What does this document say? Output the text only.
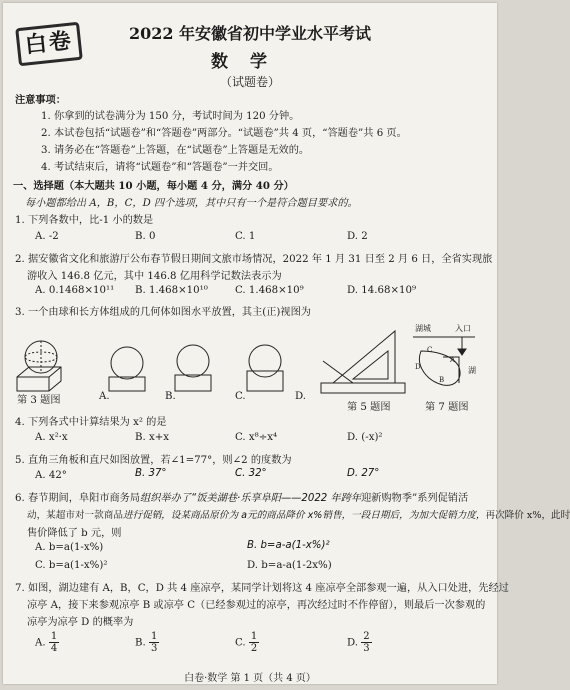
白卷	2022 年安徽省初中学业水平考试
数学
（试题卷）
注意事项：
1. 你拿到的试卷满分为 150 分，考试时间为 120 分钟。
2. 本试卷包括“试题卷”和“答题卷”两部分。“试题卷”共 4 页，“答题卷”共 6 页。
3. 请务必在“答题卷”上答题，在“试题卷”上答题是无效的。
4. 考试结束后，请将“试题卷”和“答题卷”一并交回。
一、选择题（本大题共 10 小题，每小题 4 分，满分 40 分）
每小题都给出 A，B，C，D 四个选项，其中只有一个是符合题目要求的。
1. 下列各数中，比-1 小的数是
A. -2	B. 0	C. 1	D. 2
2. 据安徽省文化和旅游厅公布春节假日期间文旅市场情况，2022 年 1 月 31 日至 2 月 6 日，全省实现旅
游收入 146.8 亿元，其中 146.8 亿用科学记数法表示为
A. 0.1468×10¹¹ B. 1.468×10¹⁰	C. 1.468×10⁹	D. 14.68×10⁹
3. 一个由球和长方体组成的几何体如图水平放置，其主(正)视图为
湖城	入口
湖
A
C
B
D
A.	B.	C.	D.
第 3 题图
第 5 题图	第 7 题图
4. 下列各式中计算结果为 x² 的是
A. x²·x	B. x+x	C. x⁸÷x⁴	D. (-x)²
5. 直角三角板和直尺如图放置，若∠1=77°，则∠2 的度数为
A. 42°	B. 37°	C. 32°	D. 27°
6. 春节期间，阜阳市商务局组织举办了“饭美湖巷·乐享阜阳——2022 年跨年迎新购物季”系列促销活
动，某超市对一款商品进行促销，设某商品原价为 a元的商品降价 x%销售，一段日期后，为加大促销力度，再次降价 x%，此时
售价降低了 b 元，则
A. b=a(1-x%)	B. b=a-a(1-x%)²
C. b=a(1-x%)²	D. b=a-a(1-2x%)
7. 如图，湖边建有 A，B，C，D 共 4 座凉亭，某同学计划将这 4 座凉亭全部参观一遍，从入口处进，先经过
凉亭 A，接下来参观凉亭 B 或凉亭 C（已经参观过的凉亭，再次经过时不作停留），则最后一次参观的
凉亭为凉亭 D 的概率为
A. $\frac{1}{4}$	B. $\frac{1}{3}$	C. $\frac{1}{2}$	D. $\frac{2}{3}$
白卷·数学 第 1 页（共 4 页）
